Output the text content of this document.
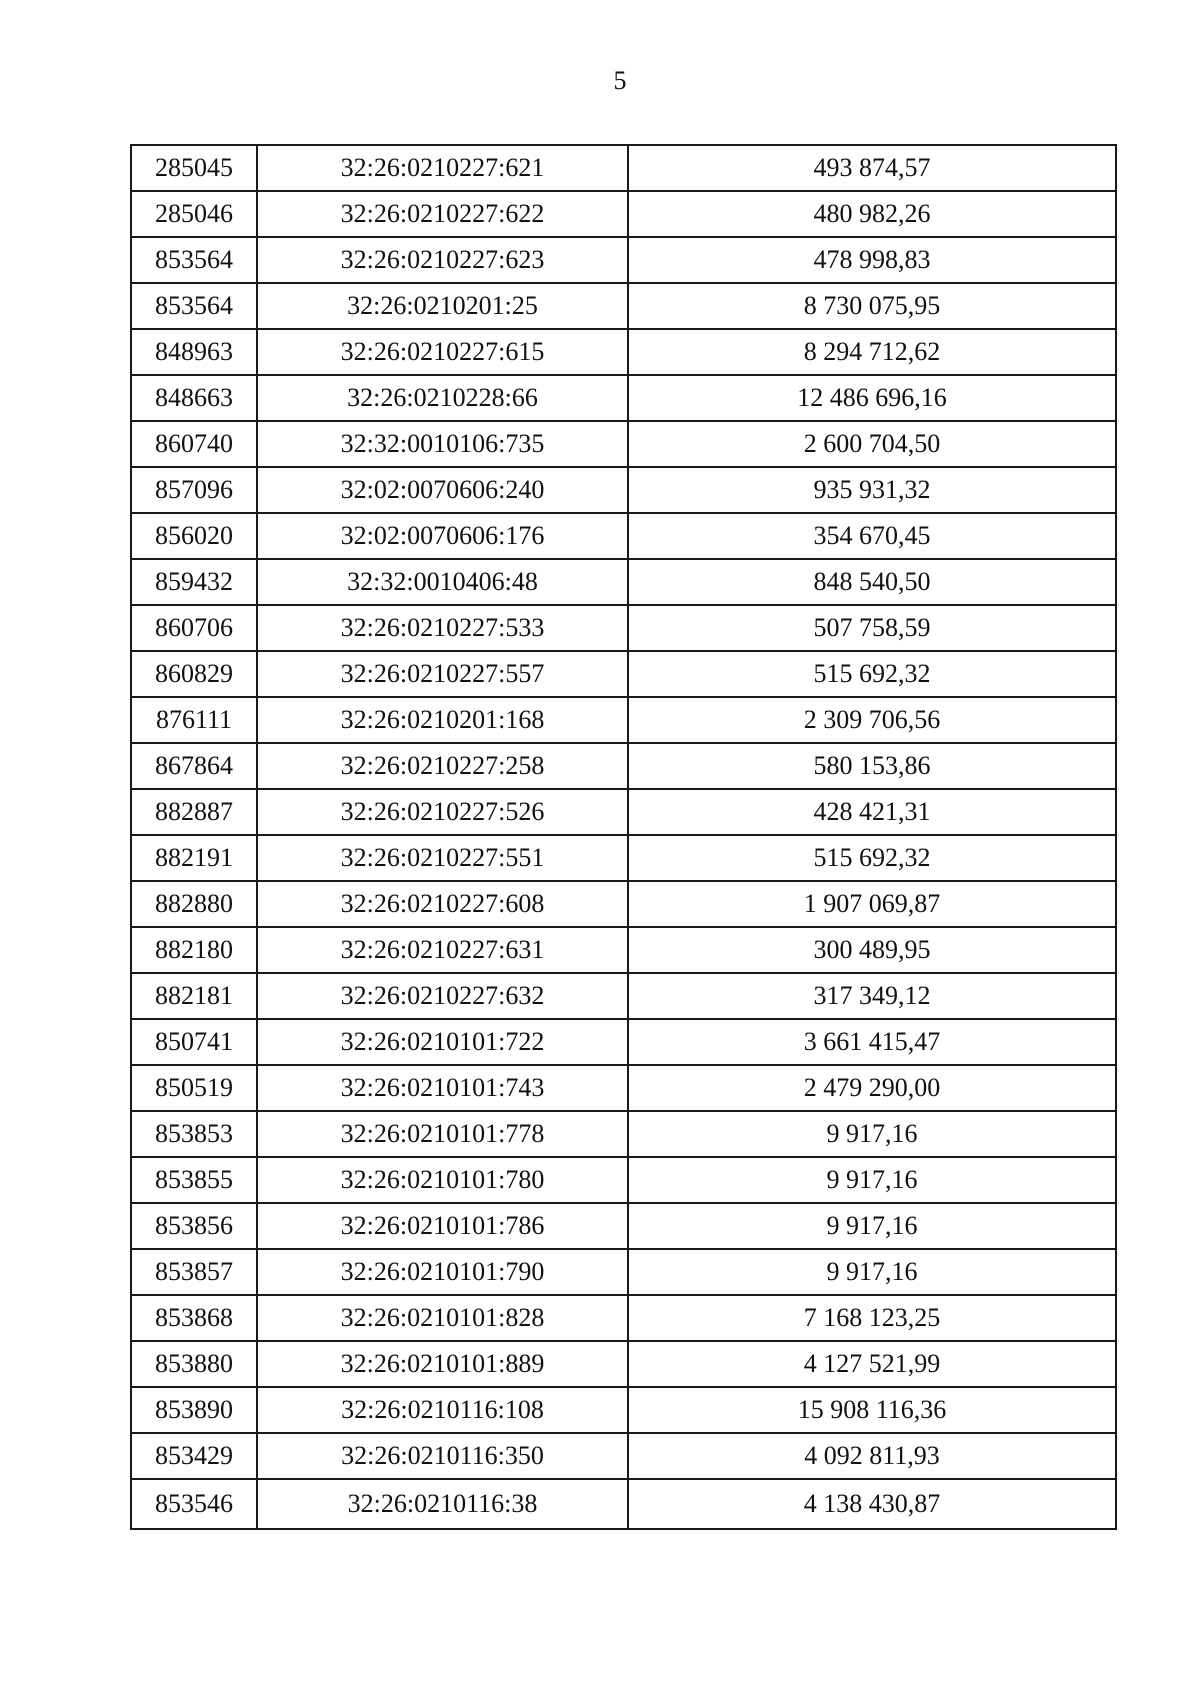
5
285045	32:26:0210227:621	493 874,57
285046	32:26:0210227:622	480 982,26
853564	32:26:0210227:623	478 998,83
853564	32:26:0210201:25	8 730 075,95
848963	32:26:0210227:615	8 294 712,62
848663	32:26:0210228:66	12 486 696,16
860740	32:32:0010106:735	2 600 704,50
857096	32:02:0070606:240	935 931,32
856020	32:02:0070606:176	354 670,45
859432	32:32:0010406:48	848 540,50
860706	32:26:0210227:533	507 758,59
860829	32:26:0210227:557	515 692,32
876111	32:26:0210201:168	2 309 706,56
867864	32:26:0210227:258	580 153,86
882887	32:26:0210227:526	428 421,31
882191	32:26:0210227:551	515 692,32
882880	32:26:0210227:608	1 907 069,87
882180	32:26:0210227:631	300 489,95
882181	32:26:0210227:632	317 349,12
850741	32:26:0210101:722	3 661 415,47
850519	32:26:0210101:743	2 479 290,00
853853	32:26:0210101:778	9 917,16
853855	32:26:0210101:780	9 917,16
853856	32:26:0210101:786	9 917,16
853857	32:26:0210101:790	9 917,16
853868	32:26:0210101:828	7 168 123,25
853880	32:26:0210101:889	4 127 521,99
853890	32:26:0210116:108	15 908 116,36
853429	32:26:0210116:350	4 092 811,93
853546	32:26:0210116:38	4 138 430,87
